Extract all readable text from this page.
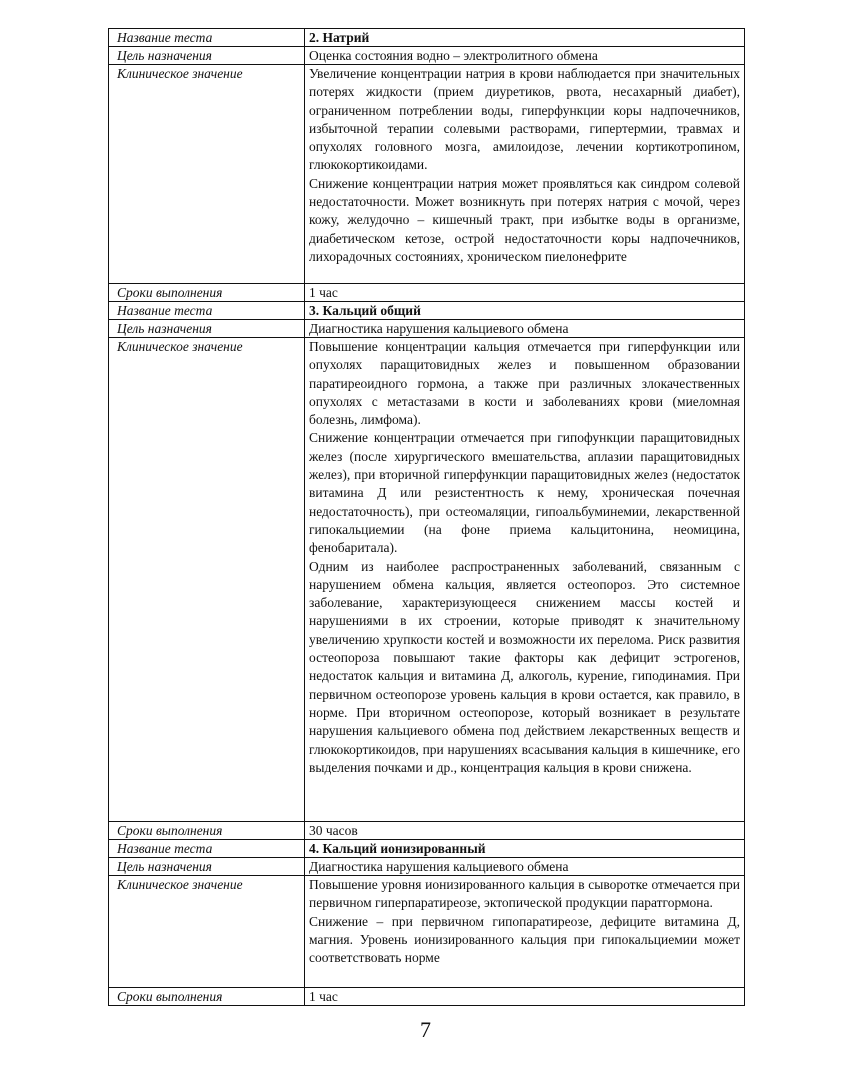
Название теста	2. Натрий
Цель назначения	Оценка состояния водно – электролитного обмена
Клиническое значение	Увеличение концентрации натрия в крови наблюдается при значительных потерях жидкости (прием диуретиков, рвота, несахарный диабет), ограниченном потреблении воды, гиперфункции коры надпочечников, избыточной терапии солевыми растворами, гипертермии, травмах и опухолях головного мозга, амилоидозе, лечении кортикотропином, глюкокортикоидами.

Снижение концентрации натрия может проявляться как синдром солевой недостаточности. Может возникнуть при потерях натрия с мочой, через кожу, желудочно – кишечный тракт, при избытке воды в организме, диабетическом кетозе, острой недостаточности коры надпочечников, лихорадочных состояниях, хроническом пиелонефрите

Сроки выполнения	1 час
Название теста	3. Кальций общий
Цель назначения	Диагностика нарушения кальциевого обмена
Клиническое значение	Повышение концентрации кальция отмечается при гиперфункции или опухолях паращитовидных желез и повышенном образовании паратиреоидного гормона, а также при различных злокачественных опухолях с метастазами в кости и заболеваниях крови (миеломная болезнь, лимфома).

Снижение концентрации отмечается при гипофункции паращитовидных желез (после хирургического вмешательства, аплазии паращитовидных желез), при вторичной гиперфункции паращитовидных желез (недостаток витамина Д или резистентность к нему, хроническая почечная недостаточность), при остеомаляции, гипоальбуминемии, лекарственной гипокальциемии (на фоне приема кальцитонина, неомицина, фенобаритала).

Одним из наиболее распространенных заболеваний, связанным с нарушением обмена кальция, является остеопороз. Это системное заболевание, характеризующееся снижением массы костей и нарушениями в их строении, которые приводят к значительному увеличению хрупкости костей и возможности их перелома. Риск развития остеопороза повышают такие факторы как дефицит эстрогенов, недостаток кальция и витамина Д, алкоголь, курение, гиподинамия. При первичном остеопорозе уровень кальция в крови остается, как правило, в норме. При вторичном остеопорозе, который возникает в результате нарушения кальциевого обмена под действием лекарственных веществ и глюкокортикоидов, при нарушениях всасывания кальция в кишечнике, его выделения почками и др., концентрация кальция в крови снижена.

Сроки выполнения	30 часов
Название теста	4. Кальций ионизированный
Цель назначения	Диагностика нарушения кальциевого обмена
Клиническое значение	Повышение уровня ионизированного кальция в сыворотке отмечается при первичном гиперпаратиреозе, эктопической продукции паратгормона.

Снижение – при первичном гипопаратиреозе, дефиците витамина Д, магния. Уровень ионизированного кальция при гипокальциемии может соответствовать норме

Сроки выполнения	1 час
7
